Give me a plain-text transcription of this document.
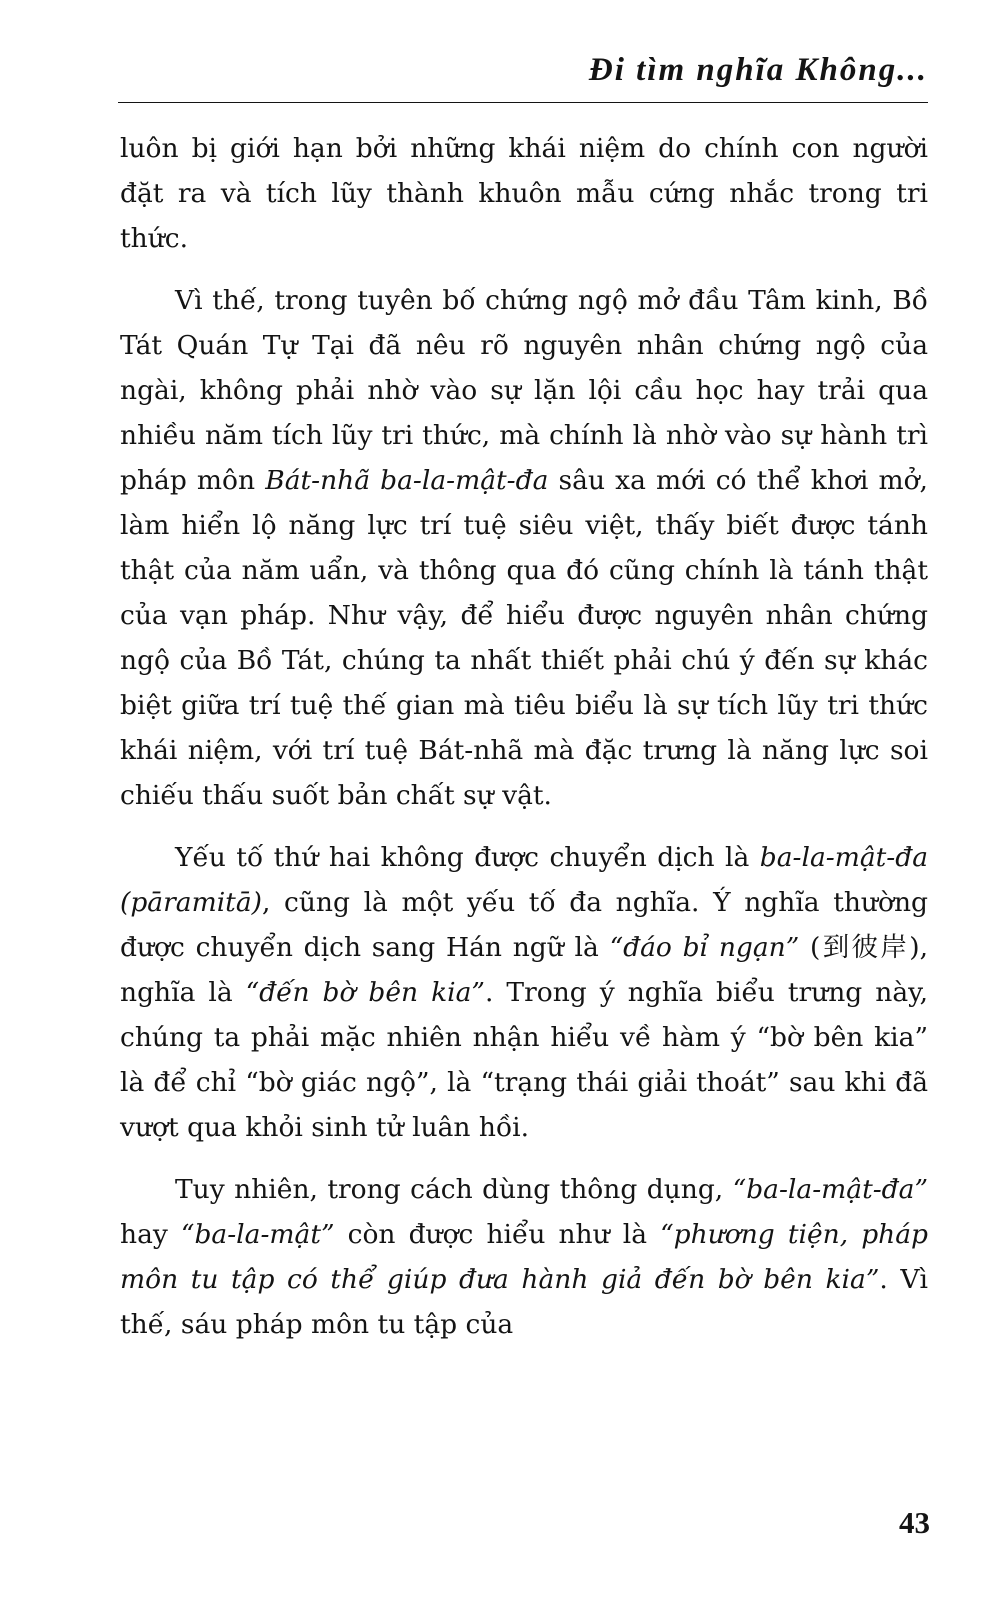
Đi tìm nghĩa Không...

luôn bị giới hạn bởi những khái niệm do chính con người đặt ra và tích lũy thành khuôn mẫu cứng nhắc trong tri thức.

Vì thế, trong tuyên bố chứng ngộ mở đầu Tâm kinh, Bồ Tát Quán Tự Tại đã nêu rõ nguyên nhân chứng ngộ của ngài, không phải nhờ vào sự lặn lội cầu học hay trải qua nhiều năm tích lũy tri thức, mà chính là nhờ vào sự hành trì pháp môn Bát-nhã ba-la-mật-đa sâu xa mới có thể khơi mở, làm hiển lộ năng lực trí tuệ siêu việt, thấy biết được tánh thật của năm uẩn, và thông qua đó cũng chính là tánh thật của vạn pháp. Như vậy, để hiểu được nguyên nhân chứng ngộ của Bồ Tát, chúng ta nhất thiết phải chú ý đến sự khác biệt giữa trí tuệ thế gian mà tiêu biểu là sự tích lũy tri thức khái niệm, với trí tuệ Bát-nhã mà đặc trưng là năng lực soi chiếu thấu suốt bản chất sự vật.

Yếu tố thứ hai không được chuyển dịch là ba-la-mật-đa (pāramitā), cũng là một yếu tố đa nghĩa. Ý nghĩa thường được chuyển dịch sang Hán ngữ là “đáo bỉ ngạn” (到彼岸), nghĩa là “đến bờ bên kia”. Trong ý nghĩa biểu trưng này, chúng ta phải mặc nhiên nhận hiểu về hàm ý “bờ bên kia” là để chỉ “bờ giác ngộ”, là “trạng thái giải thoát” sau khi đã vượt qua khỏi sinh tử luân hồi.

Tuy nhiên, trong cách dùng thông dụng, “ba-la-mật-đa” hay “ba-la-mật” còn được hiểu như là “phương tiện, pháp môn tu tập có thể giúp đưa hành giả đến bờ bên kia”. Vì thế, sáu pháp môn tu tập của

43
